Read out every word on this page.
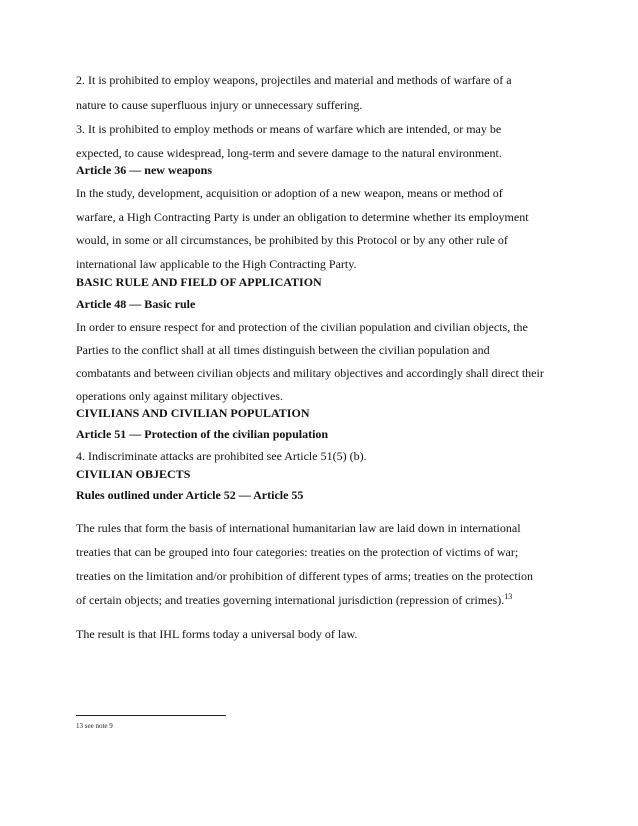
2. It is prohibited to employ weapons, projectiles and material and methods of warfare of a
nature to cause superfluous injury or unnecessary suffering.
3. It is prohibited to employ methods or means of warfare which are intended, or may be
expected, to cause widespread, long-term and severe damage to the natural environment.
Article 36 — new weapons
In the study, development, acquisition or adoption of a new weapon, means or method of
warfare, a High Contracting Party is under an obligation to determine whether its employment
would, in some or all circumstances, be prohibited by this Protocol or by any other rule of
international law applicable to the High Contracting Party.
BASIC RULE AND FIELD OF APPLICATION
Article 48 — Basic rule
In order to ensure respect for and protection of the civilian population and civilian objects, the
Parties to the conflict shall at all times distinguish between the civilian population and
combatants and between civilian objects and military objectives and accordingly shall direct their
operations only against military objectives.
CIVILIANS AND CIVILIAN POPULATION
Article 51 — Protection of the civilian population
4. Indiscriminate attacks are prohibited see Article 51(5) (b).
CIVILIAN OBJECTS
Rules outlined under Article 52 — Article 55
The rules that form the basis of international humanitarian law are laid down in international
treaties that can be grouped into four categories: treaties on the protection of victims of war;
treaties on the limitation and/or prohibition of different types of arms; treaties on the protection
of certain objects; and treaties governing international jurisdiction (repression of crimes).$^{13}$
The result is that IHL forms today a universal body of law.
13 see note 9
